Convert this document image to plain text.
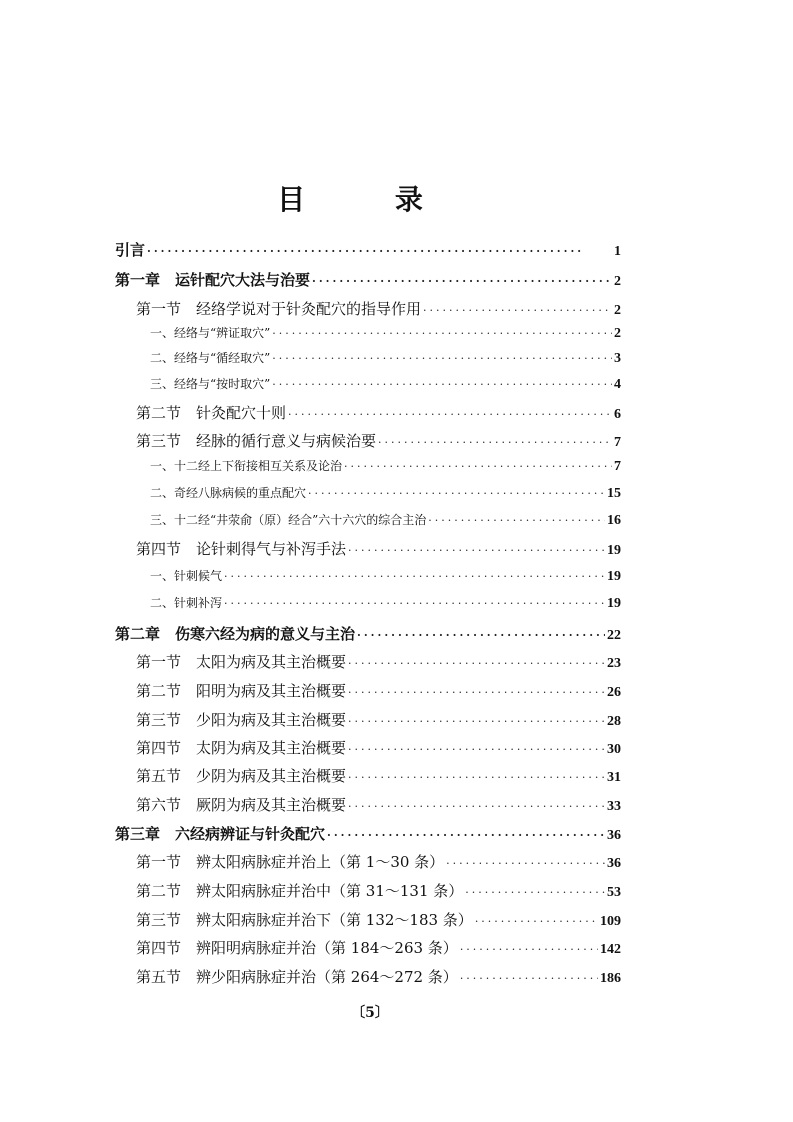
目 录
引言 ·····	1
第一章　运针配穴大法与治要 ·····	2
第一节　经络学说对于针灸配穴的指导作用 ·····	2
一、经络与“辨证取穴” ·····	2
二、经络与“循经取穴” ·····	3
三、经络与“按时取穴” ·····	4
第二节　针灸配穴十则 ·····	6
第三节　经脉的循行意义与病候治要 ·····	7
一、十二经上下衔接相互关系及论治 ·····	7
二、奇经八脉病候的重点配穴 ·····	15
三、十二经“井荥俞（原）经合”六十六穴的综合主治 ·····	16
第四节　论针刺得气与补泻手法 ·····	19
一、针刺候气 ·····	19
二、针刺补泻 ·····	19
第二章　伤寒六经为病的意义与主治 ·····	22
第一节　太阳为病及其主治概要 ·····	23
第二节　阳明为病及其主治概要 ·····	26
第三节　少阳为病及其主治概要 ·····	28
第四节　太阴为病及其主治概要 ·····	30
第五节　少阴为病及其主治概要 ·····	31
第六节　厥阴为病及其主治概要 ·····	33
第三章　六经病辨证与针灸配穴 ·····	36
第一节　辨太阳病脉症并治上（第 1～30 条） ·····	36
第二节　辨太阳病脉症并治中（第 31～131 条） ·····	53
第三节　辨太阳病脉症并治下（第 132～183 条） ·····	109
第四节　辨阳明病脉症并治（第 184～263 条） ·····	142
第五节　辨少阳病脉症并治（第 264～272 条） ·····	186
〔5〕
